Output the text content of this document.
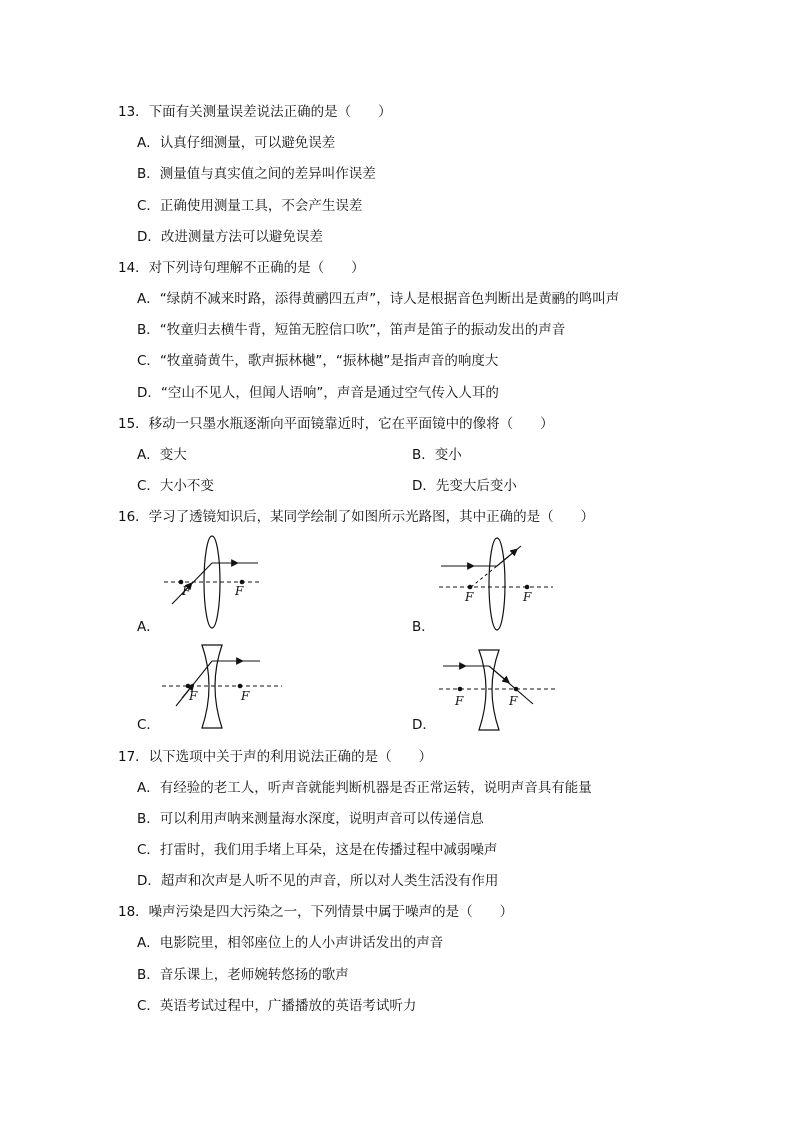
13．下面有关测量误差说法正确的是（　　）
A．认真仔细测量，可以避免误差
B．测量值与真实值之间的差异叫作误差
C．正确使用测量工具，不会产生误差
D．改进测量方法可以避免误差
14．对下列诗句理解不正确的是（　　）
A．“绿荫不减来时路，添得黄鹂四五声”，诗人是根据音色判断出是黄鹂的鸣叫声
B．“牧童归去横牛背，短笛无腔信口吹”，笛声是笛子的振动发出的声音
C．“牧童骑黄牛，歌声振林樾”，“振林樾”是指声音的响度大
D．“空山不见人，但闻人语响”，声音是通过空气传入人耳的
15．移动一只墨水瓶逐渐向平面镜靠近时，它在平面镜中的像将（　　）
A．变大	B．变小
C．大小不变	D．先变大后变小
16．学习了透镜知识后，某同学绘制了如图所示光路图，其中正确的是（　　）
F	F
A．
F	F
B．
F	F
C．
F	F
D．
17．以下选项中关于声的利用说法正确的是（　　）
A．有经验的老工人，听声音就能判断机器是否正常运转，说明声音具有能量
B．可以利用声呐来测量海水深度，说明声音可以传递信息
C．打雷时，我们用手堵上耳朵，这是在传播过程中减弱噪声
D．超声和次声是人听不见的声音，所以对人类生活没有作用
18．噪声污染是四大污染之一，下列情景中属于噪声的是（　　）
A．电影院里，相邻座位上的人小声讲话发出的声音
B．音乐课上，老师婉转悠扬的歌声
C．英语考试过程中，广播播放的英语考试听力
